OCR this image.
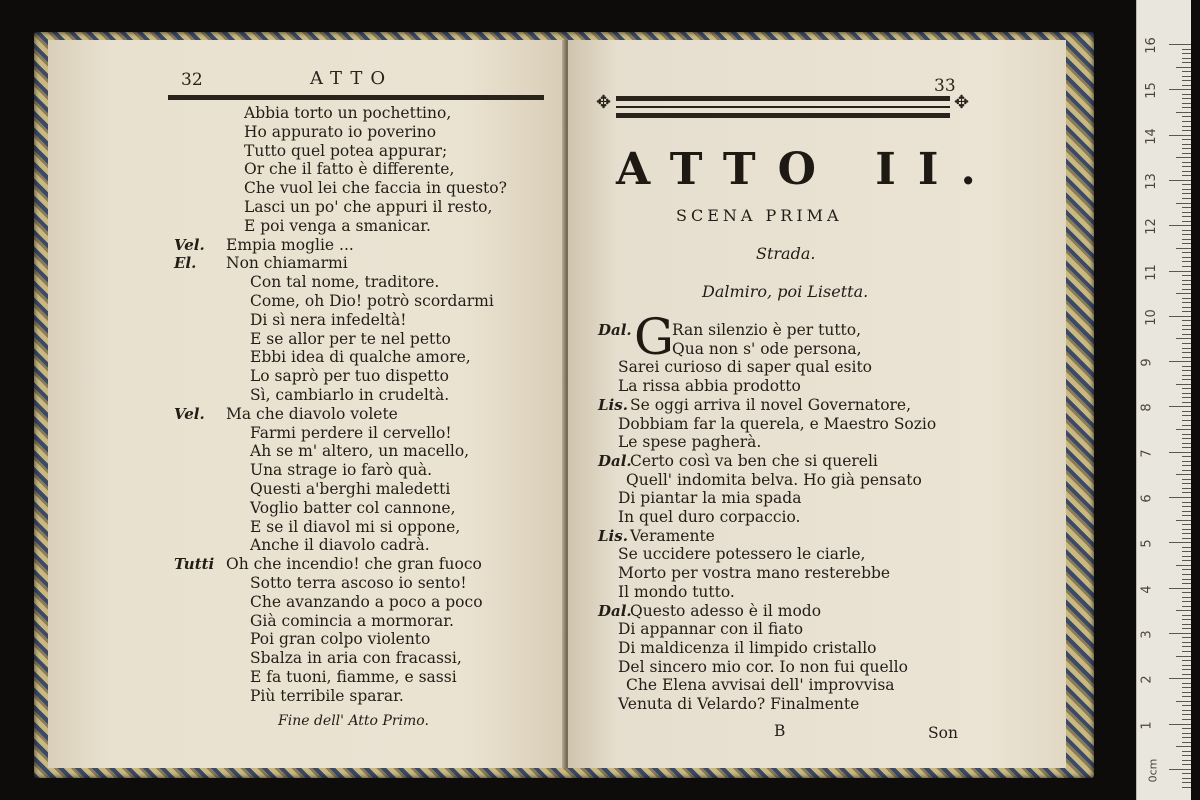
32	ATTO
Abbia torto un pochettino,
Ho appurato io poverino
Tutto quel potea appurar;
Or che il fatto è differente,
Che vuol lei che faccia in questo?
Lasci un po' che appuri il resto,
E poi venga a smanicar.
Vel. Empia moglie ...
El. Non chiamarmi
Con tal nome, traditore.
Come, oh Dio! potrò scordarmi
Di sì nera infedeltà!
E se allor per te nel petto
Ebbi idea di qualche amore,
Lo saprò per tuo dispetto
Sì, cambiarlo in crudeltà.
Vel. Ma che diavolo volete
Farmi perdere il cervello!
Ah se m' altero, un macello,
Una strage io farò quà.
Questi a'berghi maledetti
Voglio batter col cannone,
E se il diavol mi si oppone,
Anche il diavolo cadrà.
Tutti Oh che incendio! che gran fuoco
Sotto terra ascoso io sento!
Che avanzando a poco a poco
Già comincia a mormorar.
Poi gran colpo violento
Sbalza in aria con fracassi,
E fa tuoni, fiamme, e sassi
Più terribile sparar.
Fine dell' Atto Primo.
33
✥	✥
ATTO II.
SCENA PRIMA
Strada.
Dalmiro, poi Lisetta.
G
Dal.	Ran silenzio è per tutto,
Qua non s' ode persona,
Sarei curioso di saper qual esito
La rissa abbia prodotto
Lis. Se oggi arriva il novel Governatore,
Dobbiam far la querela, e Maestro Sozio
Le spese pagherà.
Dal.
Certo così va ben che si quereli
Quell' indomita belva. Ho già pensato
Di piantar la mia spada
In quel duro corpaccio.
Lis. Veramente
Se uccidere potessero le ciarle,
Morto per vostra mano resterebbe
Il mondo tutto.
Dal.
Questo adesso è il modo
Di appannar con il fiato
Di maldicenza il limpido cristallo
Del sincero mio cor. Io non fui quello
Che Elena avvisai dell' improvvisa
Venuta di Velardo? Finalmente
B	Son
16
15
14
13
12
11
10
9
8
7
6
5
4
3
2
1
0cm
